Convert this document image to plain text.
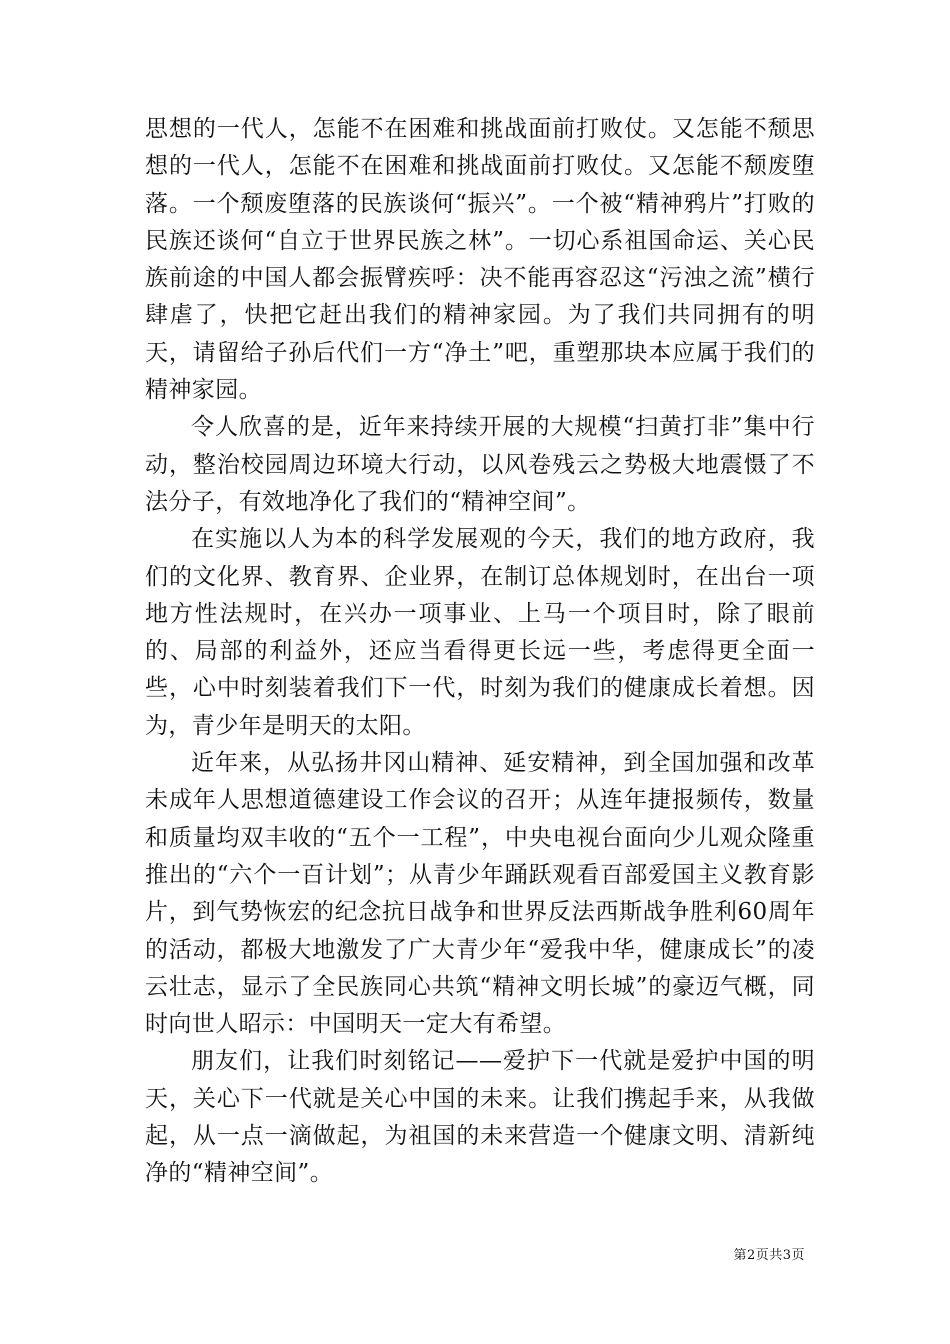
思想的一代人，怎能不在困难和挑战面前打败仗。又怎能不颓思想的一代人，怎能不在困难和挑战面前打败仗。又怎能不颓废堕落。一个颓废堕落的民族谈何“振兴”。一个被“精神鸦片”打败的民族还谈何“自立于世界民族之林”。一切心系祖国命运、关心民族前途的中国人都会振臂疾呼：决不能再容忍这“污浊之流”横行肆虐了，快把它赶出我们的精神家园。为了我们共同拥有的明天，请留给子孙后代们一方“净土”吧，重塑那块本应属于我们的精神家园。

令人欣喜的是，近年来持续开展的大规模“扫黄打非”集中行动，整治校园周边环境大行动，以风卷残云之势极大地震慑了不法分子，有效地净化了我们的“精神空间”。

在实施以人为本的科学发展观的今天，我们的地方政府，我们的文化界、教育界、企业界，在制订总体规划时，在出台一项地方性法规时，在兴办一项事业、上马一个项目时，除了眼前的、局部的利益外，还应当看得更长远一些，考虑得更全面一些，心中时刻装着我们下一代，时刻为我们的健康成长着想。因为，青少年是明天的太阳。

近年来，从弘扬井冈山精神、延安精神，到全国加强和改革未成年人思想道德建设工作会议的召开；从连年捷报频传，数量和质量均双丰收的“五个一工程”，中央电视台面向少儿观众隆重推出的“六个一百计划”；从青少年踊跃观看百部爱国主义教育影片，到气势恢宏的纪念抗日战争和世界反法西斯战争胜利60周年的活动，都极大地激发了广大青少年“爱我中华，健康成长”的凌云壮志，显示了全民族同心共筑“精神文明长城”的豪迈气概，同时向世人昭示：中国明天一定大有希望。

朋友们，让我们时刻铭记——爱护下一代就是爱护中国的明天，关心下一代就是关心中国的未来。让我们携起手来，从我做起，从一点一滴做起，为祖国的未来营造一个健康文明、清新纯净的“精神空间”。

第2页共3页
